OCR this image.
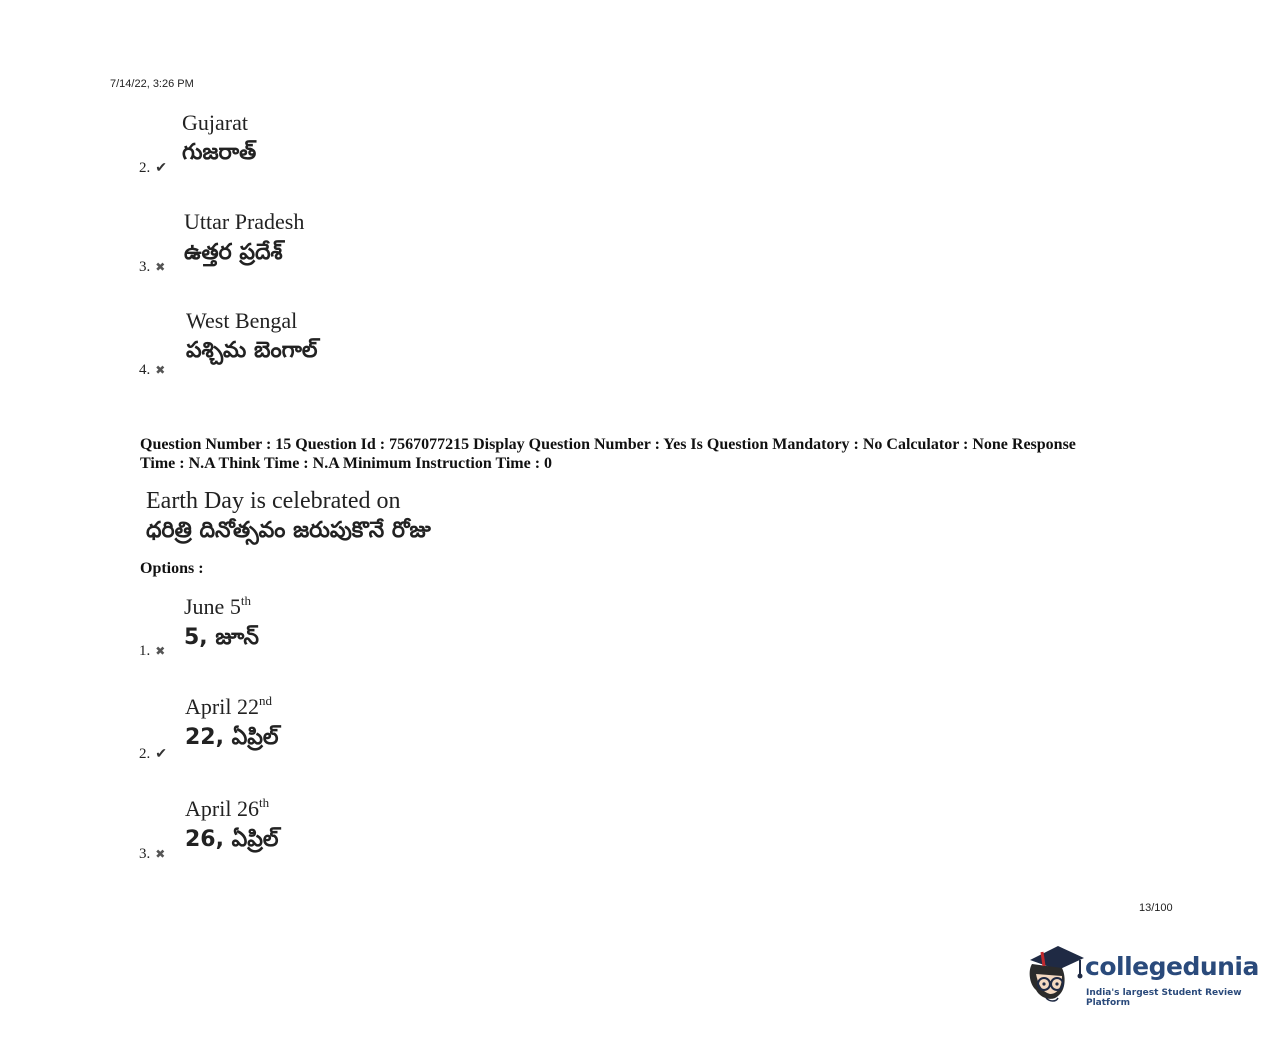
7/14/22, 3:26 PM
Gujarat
గుజరాత్
2. ✔
Uttar Pradesh
ఉత్తర ప్రదేశ్
3. ✖
West Bengal
పశ్చిమ బెంగాల్
4. ✖
Question Number : 15 Question Id : 7567077215 Display Question Number : Yes Is Question Mandatory : No Calculator : None Response
Time : N.A Think Time : N.A Minimum Instruction Time : 0
Earth Day is celebrated on
ధరిత్రి దినోత్సవం జరుపుకొనే రోజు
Options :
June 5th
5, జూన్
1. ✖
April 22nd
22, ఏప్రిల్
2. ✔
April 26th
26, ఏప్రిల్
3. ✖
13/100
collegedunia
India's largest Student Review Platform
